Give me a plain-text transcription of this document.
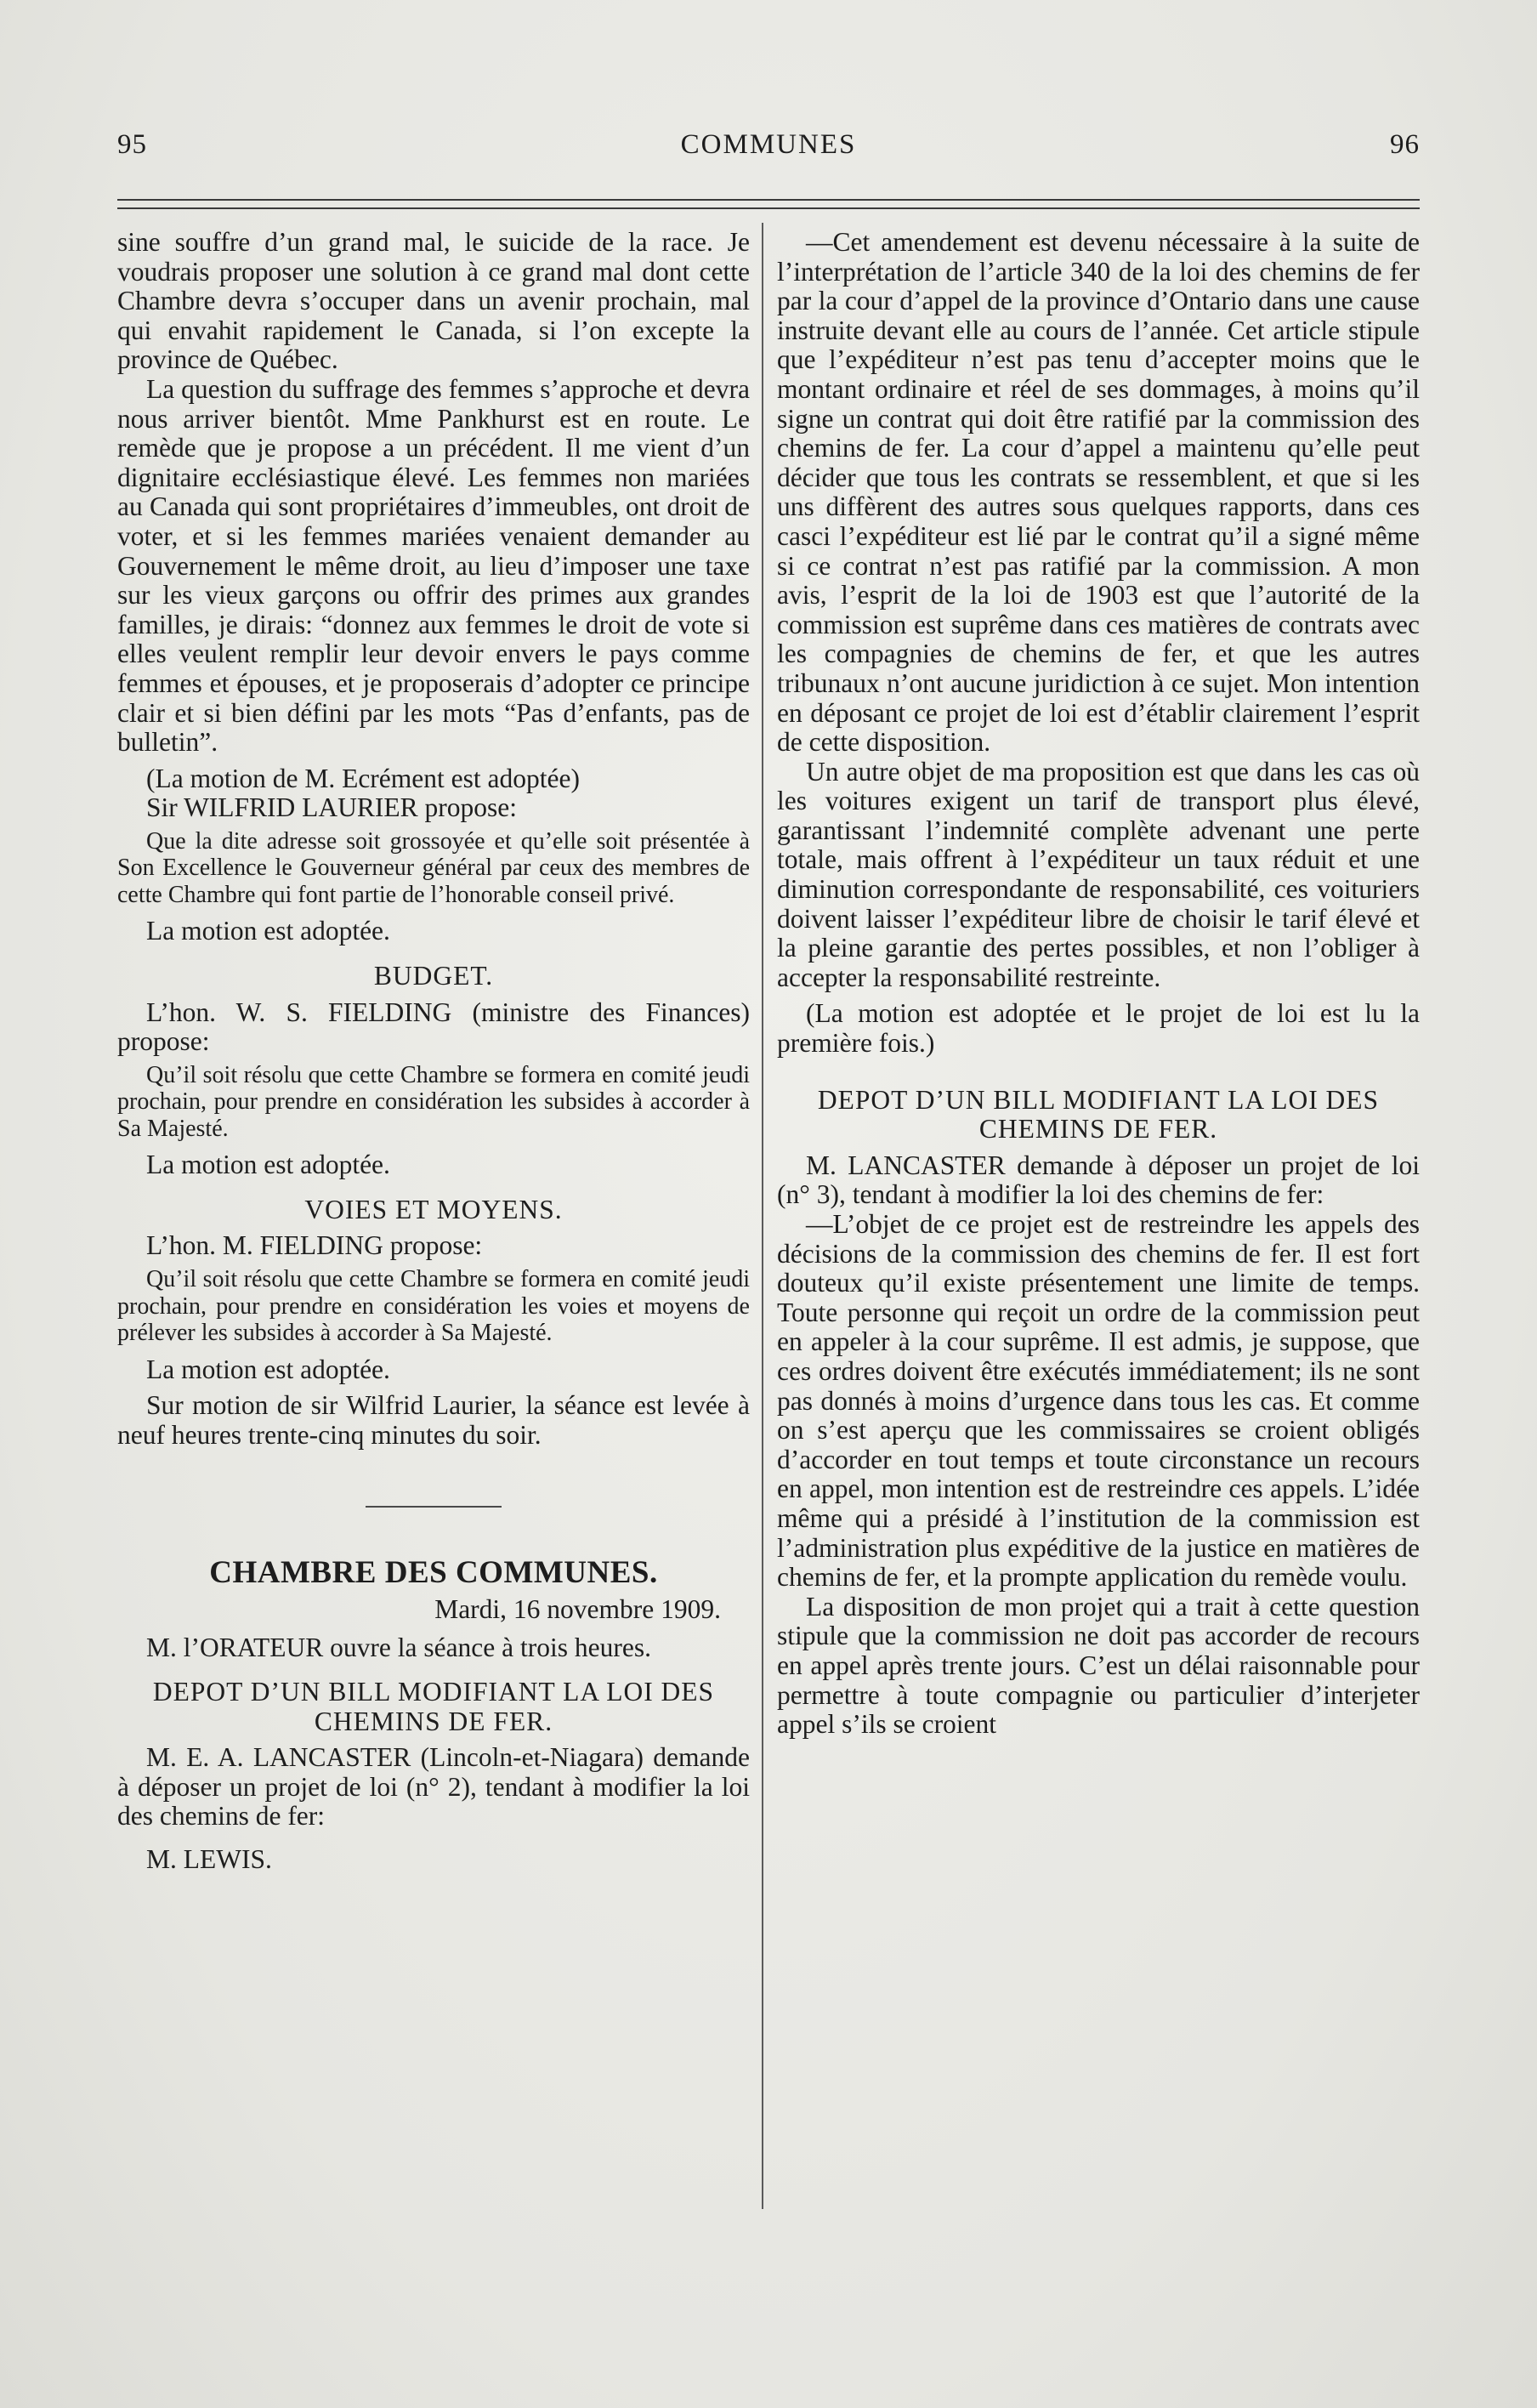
95	COMMUNES	96

sine souffre d’un grand mal, le suicide de la race. Je voudrais proposer une solution à ce grand mal dont cette Chambre devra s’occuper dans un avenir prochain, mal qui envahit rapidement le Canada, si l’on excepte la province de Québec.

La question du suffrage des femmes s’approche et devra nous arriver bientôt. Mme Pankhurst est en route. Le remède que je propose a un précédent. Il me vient d’un dignitaire ecclésiastique élevé. Les femmes non mariées au Canada qui sont propriétaires d’immeubles, ont droit de voter, et si les femmes mariées venaient demander au Gouvernement le même droit, au lieu d’imposer une taxe sur les vieux garçons ou offrir des primes aux grandes familles, je dirais: “donnez aux femmes le droit de vote si elles veulent remplir leur devoir envers le pays comme femmes et épouses, et je proposerais d’adopter ce principe clair et si bien défini par les mots “Pas d’enfants, pas de bulletin”.

(La motion de M. Ecrément est adoptée)

Sir WILFRID LAURIER propose:

Que la dite adresse soit grossoyée et qu’elle soit présentée à Son Excellence le Gouverneur général par ceux des membres de cette Chambre qui font partie de l’honorable conseil privé.

La motion est adoptée.

BUDGET.

L’hon. W. S. FIELDING (ministre des Finances) propose:

Qu’il soit résolu que cette Chambre se formera en comité jeudi prochain, pour prendre en considération les subsides à accorder à Sa Majesté.

La motion est adoptée.

VOIES ET MOYENS.

L’hon. M. FIELDING propose:

Qu’il soit résolu que cette Chambre se formera en comité jeudi prochain, pour prendre en considération les voies et moyens de prélever les subsides à accorder à Sa Majesté.

La motion est adoptée.

Sur motion de sir Wilfrid Laurier, la séance est levée à neuf heures trente-cinq minutes du soir.

CHAMBRE DES COMMUNES.

Mardi, 16 novembre 1909.

M. l’ORATEUR ouvre la séance à trois heures.

DEPOT D’UN BILL MODIFIANT LA LOI DES CHEMINS DE FER.

M. E. A. LANCASTER (Lincoln-et-Niagara) demande à déposer un projet de loi (n° 2), tendant à modifier la loi des chemins de fer:

M. LEWIS.

—Cet amendement est devenu nécessaire à la suite de l’interprétation de l’article 340 de la loi des chemins de fer par la cour d’appel de la province d’Ontario dans une cause instruite devant elle au cours de l’année. Cet article stipule que l’expéditeur n’est pas tenu d’accepter moins que le montant ordinaire et réel de ses dommages, à moins qu’il signe un contrat qui doit être ratifié par la commission des chemins de fer. La cour d’appel a maintenu qu’elle peut décider que tous les contrats se ressemblent, et que si les uns diffèrent des autres sous quelques rapports, dans ces casci l’expéditeur est lié par le contrat qu’il a signé même si ce contrat n’est pas ratifié par la commission. A mon avis, l’esprit de la loi de 1903 est que l’autorité de la commission est suprême dans ces matières de contrats avec les compagnies de chemins de fer, et que les autres tribunaux n’ont aucune juridiction à ce sujet. Mon intention en déposant ce projet de loi est d’établir clairement l’esprit de cette disposition.

Un autre objet de ma proposition est que dans les cas où les voitures exigent un tarif de transport plus élevé, garantissant l’indemnité complète advenant une perte totale, mais offrent à l’expéditeur un taux réduit et une diminution correspondante de responsabilité, ces voituriers doivent laisser l’expéditeur libre de choisir le tarif élevé et la pleine garantie des pertes possibles, et non l’obliger à accepter la responsabilité restreinte.

(La motion est adoptée et le projet de loi est lu la première fois.)

DEPOT D’UN BILL MODIFIANT LA LOI DES CHEMINS DE FER.

M. LANCASTER demande à déposer un projet de loi (n° 3), tendant à modifier la loi des chemins de fer:

—L’objet de ce projet est de restreindre les appels des décisions de la commission des chemins de fer. Il est fort douteux qu’il existe présentement une limite de temps. Toute personne qui reçoit un ordre de la commission peut en appeler à la cour suprême. Il est admis, je suppose, que ces ordres doivent être exécutés immédiatement; ils ne sont pas donnés à moins d’urgence dans tous les cas. Et comme on s’est aperçu que les commissaires se croient obligés d’accorder en tout temps et toute circonstance un recours en appel, mon intention est de restreindre ces appels. L’idée même qui a présidé à l’institution de la commission est l’administration plus expéditive de la justice en matières de chemins de fer, et la prompte application du remède voulu.

La disposition de mon projet qui a trait à cette question stipule que la commission ne doit pas accorder de recours en appel après trente jours. C’est un délai raisonnable pour permettre à toute compagnie ou particulier d’interjeter appel s’ils se croient
